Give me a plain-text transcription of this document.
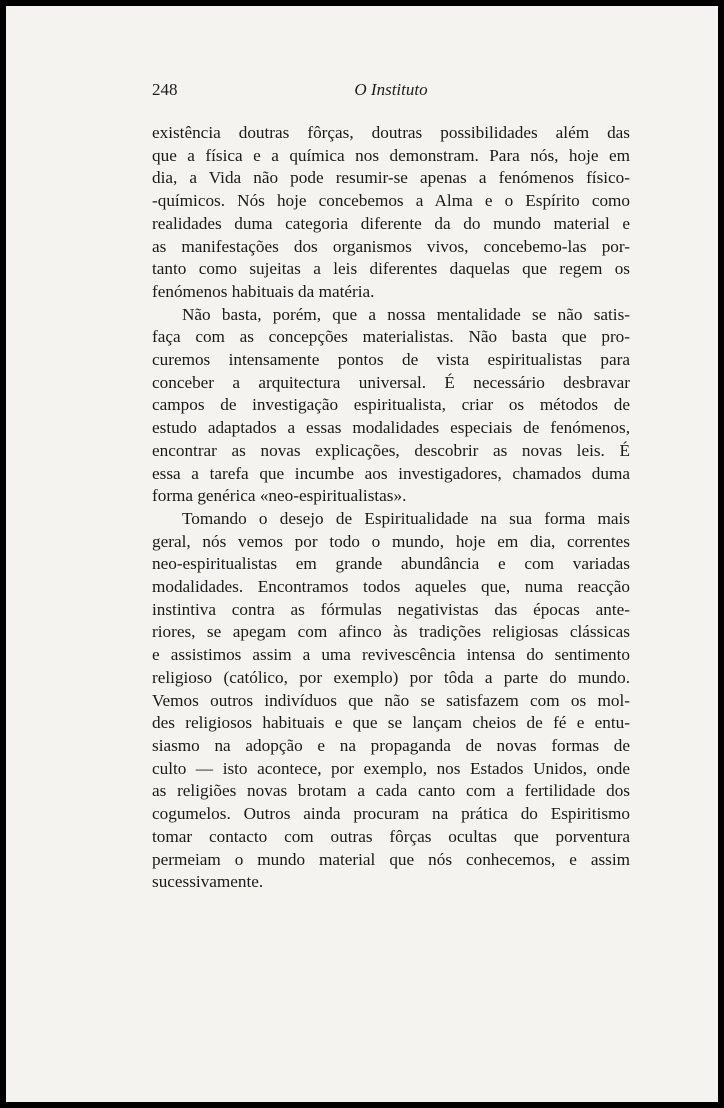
248	O Instituto

existência doutras fôrças, doutras possibilidades além das
que a física e a química nos demonstram. Para nós, hoje em
dia, a Vida não pode resumir-se apenas a fenómenos físico-
-químicos. Nós hoje concebemos a Alma e o Espírito como
realidades duma categoria diferente da do mundo material e
as manifestações dos organismos vivos, concebemo-las por-
tanto como sujeitas a leis diferentes daquelas que regem os
fenómenos habituais da matéria.

Não basta, porém, que a nossa mentalidade se não satis-
faça com as concepções materialistas. Não basta que pro-
curemos intensamente pontos de vista espiritualistas para
conceber a arquitectura universal. É necessário desbravar
campos de investigação espiritualista, criar os métodos de
estudo adaptados a essas modalidades especiais de fenómenos,
encontrar as novas explicações, descobrir as novas leis. É
essa a tarefa que incumbe aos investigadores, chamados duma
forma genérica «neo-espiritualistas».

Tomando o desejo de Espiritualidade na sua forma mais
geral, nós vemos por todo o mundo, hoje em dia, correntes
neo-espiritualistas em grande abundância e com variadas
modalidades. Encontramos todos aqueles que, numa reacção
instintiva contra as fórmulas negativistas das épocas ante-
riores, se apegam com afinco às tradições religiosas clássicas
e assistimos assim a uma revivescência intensa do sentimento
religioso (católico, por exemplo) por tôda a parte do mundo.
Vemos outros indivíduos que não se satisfazem com os mol-
des religiosos habituais e que se lançam cheios de fé e entu-
siasmo na adopção e na propaganda de novas formas de
culto — isto acontece, por exemplo, nos Estados Unidos, onde
as religiões novas brotam a cada canto com a fertilidade dos
cogumelos. Outros ainda procuram na prática do Espiritismo
tomar contacto com outras fôrças ocultas que porventura
permeiam o mundo material que nós conhecemos, e assim
sucessivamente.
